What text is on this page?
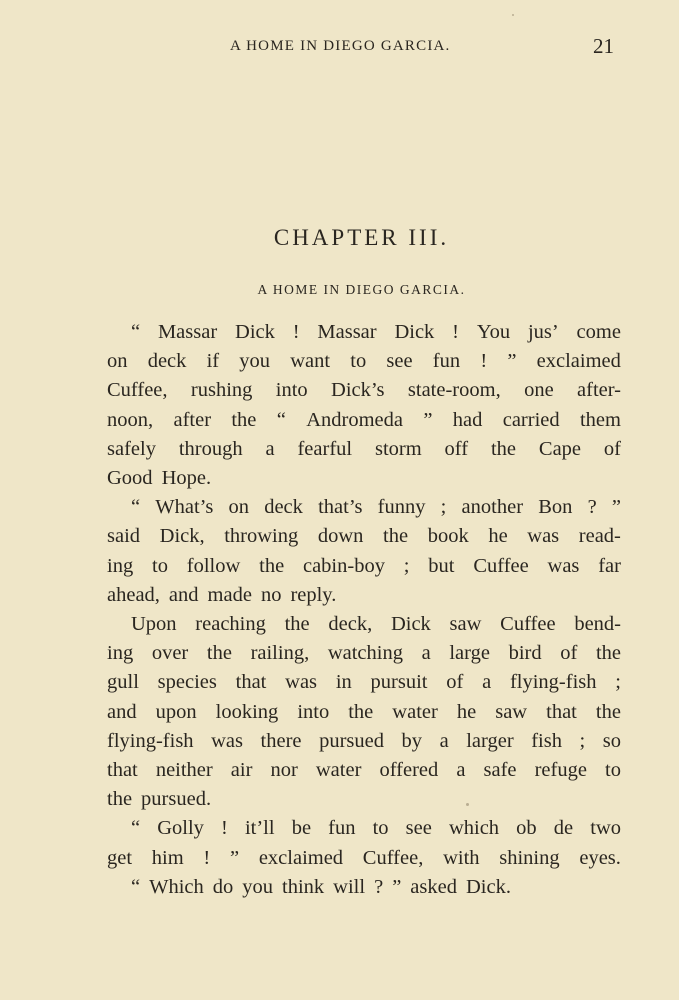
A HOME IN DIEGO GARCIA.	21
CHAPTER III.
A HOME IN DIEGO GARCIA.
“ Massar Dick ! Massar Dick ! You jus’ come
on deck if you want to see fun ! ” exclaimed
Cuffee, rushing into Dick’s state-room, one after-
noon, after the “ Andromeda ” had carried them
safely through a fearful storm off the Cape of
Good Hope.
“ What’s on deck that’s funny ; another Bon ? ”
said Dick, throwing down the book he was read-
ing to follow the cabin-boy ; but Cuffee was far
ahead, and made no reply.
Upon reaching the deck, Dick saw Cuffee bend-
ing over the railing, watching a large bird of the
gull species that was in pursuit of a flying-fish ;
and upon looking into the water he saw that the
flying-fish was there pursued by a larger fish ; so
that neither air nor water offered a safe refuge to
the pursued.
“ Golly ! it’ll be fun to see which ob de two
get him ! ” exclaimed Cuffee, with shining eyes.
“ Which do you think will ? ” asked Dick.
